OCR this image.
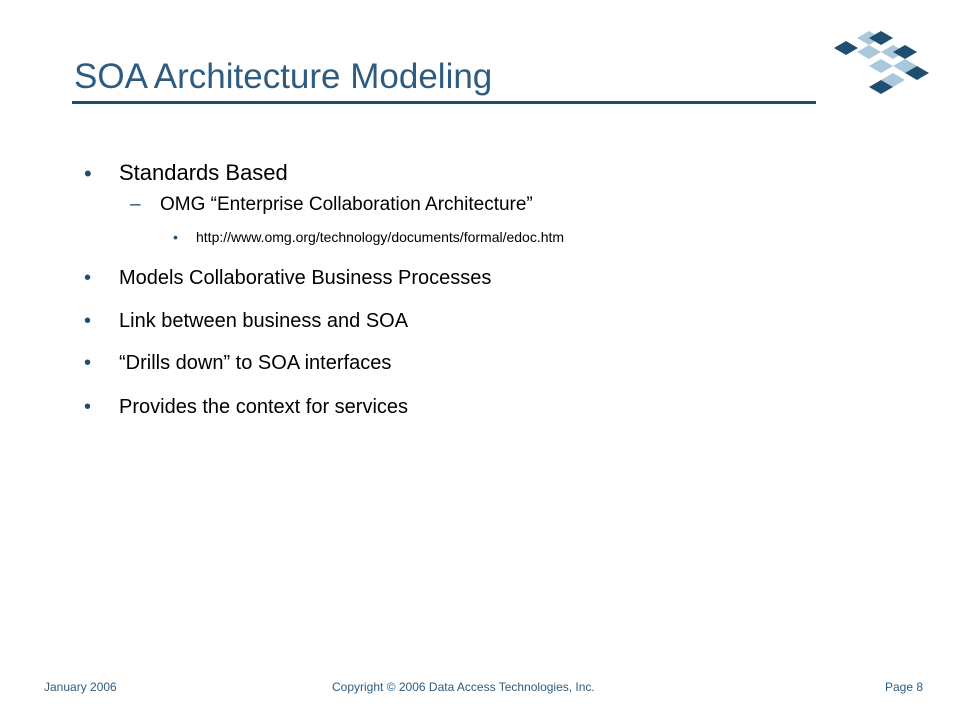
SOA Architecture Modeling
• Standards Based
– OMG “Enterprise Collaboration Architecture”
• http://www.omg.org/technology/documents/formal/edoc.htm
• Models Collaborative Business Processes
• Link between business and SOA
• “Drills down” to SOA interfaces
• Provides the context for services
January 2006	Copyright © 2006 Data Access Technologies, Inc.	Page 8
